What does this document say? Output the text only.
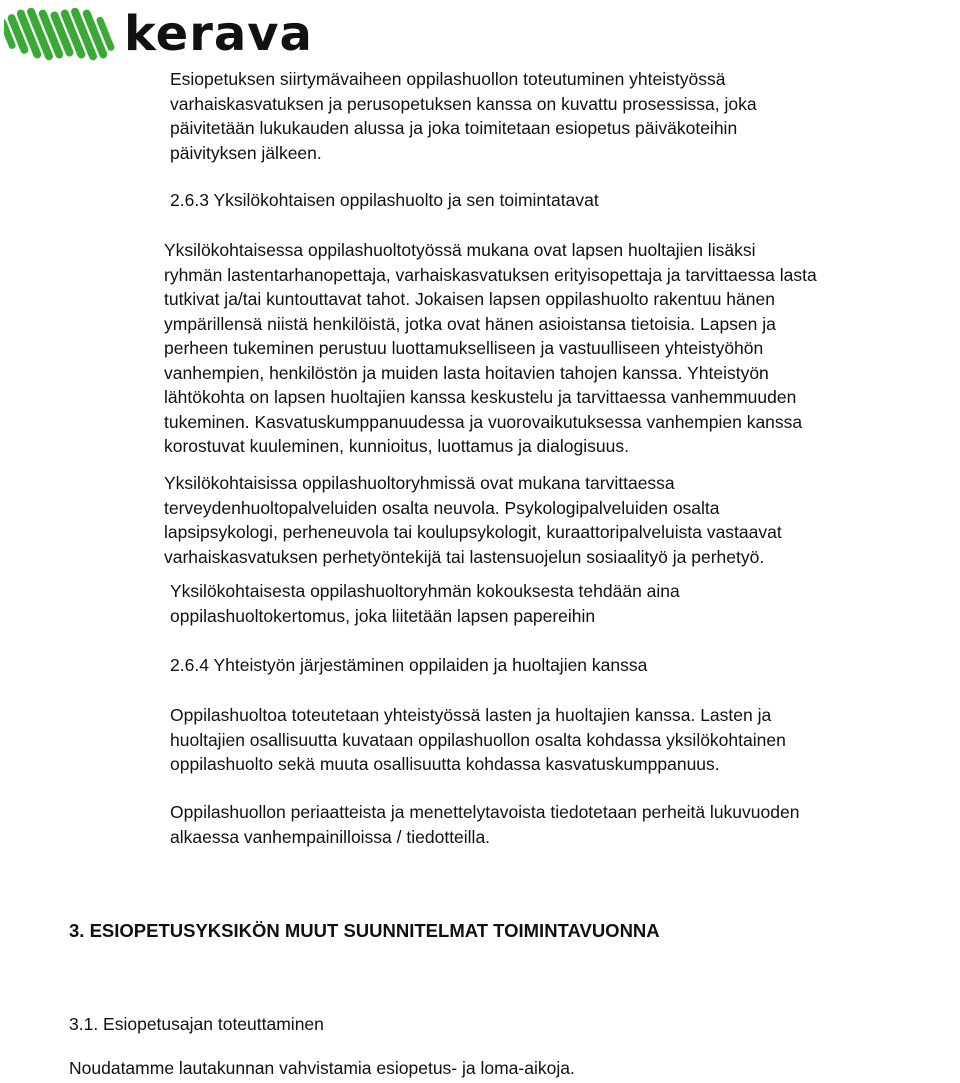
kerava
Esiopetuksen siirtymävaiheen oppilashuollon toteutuminen yhteistyössä
varhaiskasvatuksen ja perusopetuksen kanssa on kuvattu prosessissa, joka
päivitetään lukukauden alussa ja joka toimitetaan esiopetus päiväkoteihin
päivityksen jälkeen.
2.6.3 Yksilökohtaisen oppilashuolto ja sen toimintatavat
Yksilökohtaisessa oppilashuoltotyössä mukana ovat lapsen huoltajien lisäksi
ryhmän lastentarhanopettaja, varhaiskasvatuksen erityisopettaja ja tarvittaessa lasta
tutkivat ja/tai kuntouttavat tahot. Jokaisen lapsen oppilashuolto rakentuu hänen
ympärillensä niistä henkilöistä, jotka ovat hänen asioistansa tietoisia. Lapsen ja
perheen tukeminen perustuu luottamukselliseen ja vastuulliseen yhteistyöhön
vanhempien, henkilöstön ja muiden lasta hoitavien tahojen kanssa. Yhteistyön
lähtökohta on lapsen huoltajien kanssa keskustelu ja tarvittaessa vanhemmuuden
tukeminen. Kasvatuskumppanuudessa ja vuorovaikutuksessa vanhempien kanssa
korostuvat kuuleminen, kunnioitus, luottamus ja dialogisuus.
Yksilökohtaisissa oppilashuoltoryhmissä ovat mukana tarvittaessa
terveydenhuoltopalveluiden osalta neuvola. Psykologipalveluiden osalta
lapsipsykologi, perheneuvola tai koulupsykologit, kuraattoripalveluista vastaavat
varhaiskasvatuksen perhetyöntekijä tai lastensuojelun sosiaalityö ja perhetyö.
Yksilökohtaisesta oppilashuoltoryhmän kokouksesta tehdään aina
oppilashuoltokertomus, joka liitetään lapsen papereihin
2.6.4 Yhteistyön järjestäminen oppilaiden ja huoltajien kanssa
Oppilashuoltoa toteutetaan yhteistyössä lasten ja huoltajien kanssa. Lasten ja
huoltajien osallisuutta kuvataan oppilashuollon osalta kohdassa yksilökohtainen
oppilashuolto sekä muuta osallisuutta kohdassa kasvatuskumppanuus.
Oppilashuollon periaatteista ja menettelytavoista tiedotetaan perheitä lukuvuoden
alkaessa vanhempainilloissa / tiedotteilla.
3. ESIOPETUSYKSIKÖN MUUT SUUNNITELMAT TOIMINTAVUONNA
3.1. Esiopetusajan toteuttaminen
Noudatamme lautakunnan vahvistamia esiopetus- ja loma-aikoja.
